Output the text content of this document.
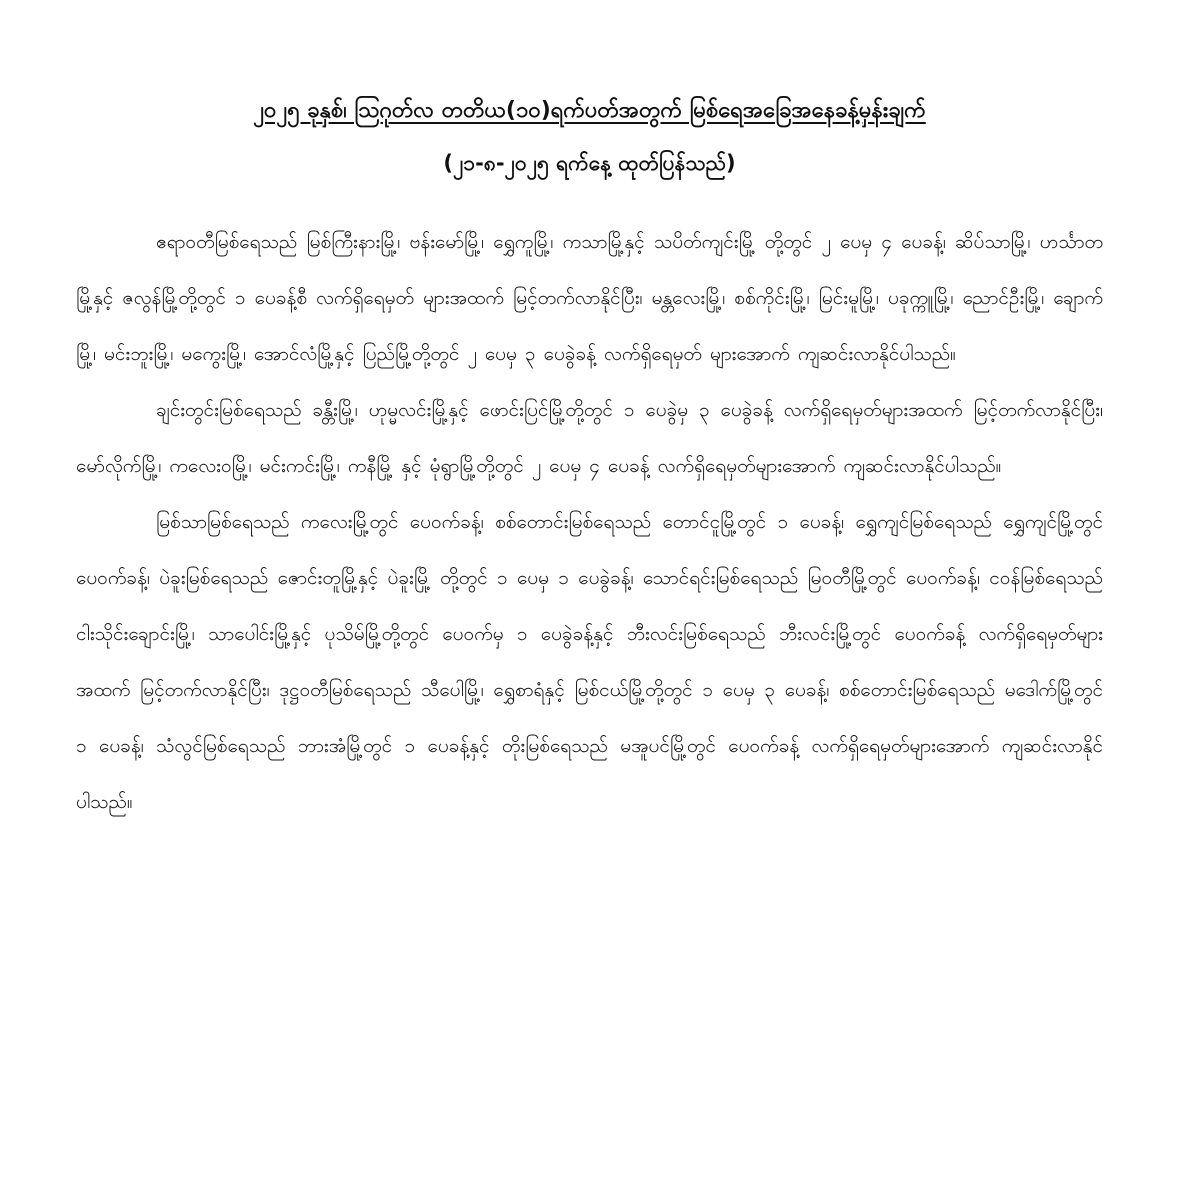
၂၀၂၅ ခုနှစ်၊ ဩဂုတ်လ တတိယ(၁၀)ရက်ပတ်အတွက် မြစ်ရေအခြေအနေခန့်မှန်းချက်
(၂၁-၈-၂၀၂၅ ရက်နေ့ ထုတ်ပြန်သည်)

ဧရာဝတီမြစ်ရေသည် မြစ်ကြီးနားမြို့၊ ဗန်းမော်မြို့၊ ရွှေကူမြို့၊ ကသာမြို့နှင့် သပိတ်ကျင်းမြို့ တို့တွင် ၂ ပေမှ ၄ ပေခန့်၊ ဆိပ်သာမြို့၊ ဟင်္သာတမြို့နှင့် ဇလွန်မြို့တို့တွင် ၁ ပေခန့်စီ လက်ရှိရေမှတ် များအထက် မြင့်တက်လာနိုင်ပြီး၊ မန္တလေးမြို့၊ စစ်ကိုင်းမြို့၊ မြင်းမူမြို့၊ ပခုက္ကူမြို့၊ ညောင်ဦးမြို့၊ ချောက်မြို့၊ မင်းဘူးမြို့၊ မကွေးမြို့၊ အောင်လံမြို့နှင့် ပြည်မြို့တို့တွင် ၂ ပေမှ ၃ ပေခွဲခန့် လက်ရှိရေမှတ် များအောက် ကျဆင်းလာနိုင်ပါသည်။

ချင်းတွင်းမြစ်ရေသည် ခန္တီးမြို့၊ ဟုမ္မလင်းမြို့နှင့် ဖောင်းပြင်မြို့တို့တွင် ၁ ပေခွဲမှ ၃ ပေခွဲခန့် လက်ရှိရေမှတ်များအထက် မြင့်တက်လာနိုင်ပြီး၊ မော်လိုက်မြို့၊ ကလေးဝမြို့၊ မင်းကင်းမြို့၊ ကနီမြို့ နှင့် မုံရွာမြို့တို့တွင် ၂ ပေမှ ၄ ပေခန့် လက်ရှိရေမှတ်များအောက် ကျဆင်းလာနိုင်ပါသည်။

မြစ်သာမြစ်ရေသည် ကလေးမြို့တွင် ပေဝက်ခန့်၊ စစ်တောင်းမြစ်ရေသည် တောင်ငူမြို့တွင် ၁ ပေခန့်၊ ရွှေကျင်မြစ်ရေသည် ရွှေကျင်မြို့တွင် ပေဝက်ခန့်၊ ပဲခူးမြစ်ရေသည် ဇောင်းတူမြို့နှင့် ပဲခူးမြို့ တို့တွင် ၁ ပေမှ ၁ ပေခွဲခန့်၊ သောင်ရင်းမြစ်ရေသည် မြဝတီမြို့တွင် ပေဝက်ခန့်၊ ငဝန်မြစ်ရေသည် ငါးသိုင်းချောင်းမြို့၊ သာပေါင်းမြို့နှင့် ပုသိမ်မြို့တို့တွင် ပေဝက်မှ ၁ ပေခွဲခန့်နှင့် ဘီးလင်းမြစ်ရေသည် ဘီးလင်းမြို့တွင် ပေဝက်ခန့် လက်ရှိရေမှတ်များအထက် မြင့်တက်လာနိုင်ပြီး၊ ဒုဋ္ဌဝတီမြစ်ရေသည် သီပေါမြို့၊ ရွှေစာရံနှင့် မြစ်ငယ်မြို့တို့တွင် ၁ ပေမှ ၃ ပေခန့်၊ စစ်တောင်းမြစ်ရေသည် မဒေါက်မြို့တွင် ၁ ပေခန့်၊ သံလွင်မြစ်ရေသည် ဘားအံမြို့တွင် ၁ ပေခန့်နှင့် တိုးမြစ်ရေသည် မအူပင်မြို့တွင် ပေဝက်ခန့် လက်ရှိရေမှတ်များအောက် ကျဆင်းလာနိုင်ပါသည်။
